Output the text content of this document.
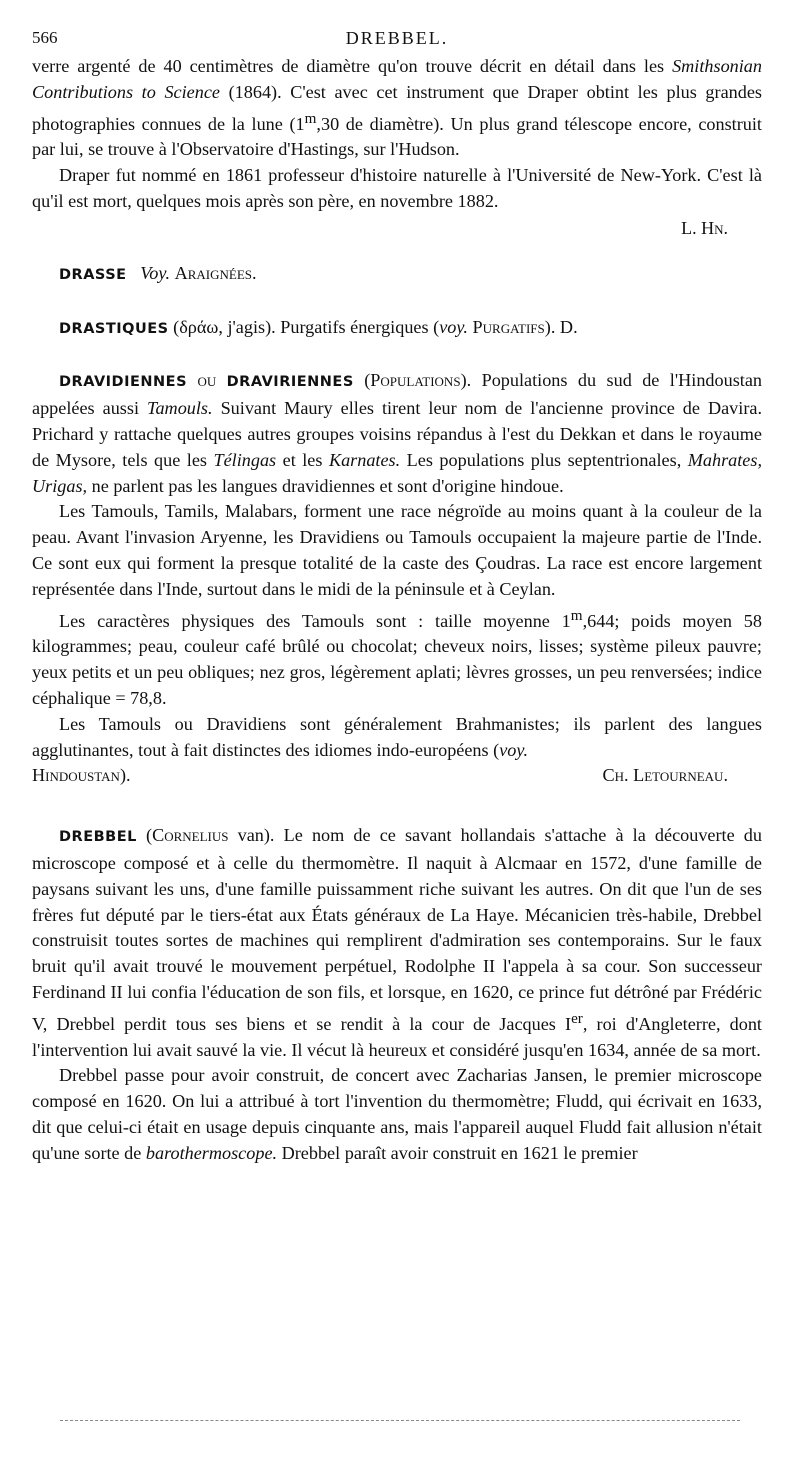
566	DREBBEL.

verre argenté de 40 centimètres de diamètre qu'on trouve décrit en détail dans les Smithsonian Contributions to Science (1864). C'est avec cet instrument que Draper obtint les plus grandes photographies connues de la lune (1$^m$,30 de diamètre). Un plus grand télescope encore, construit par lui, se trouve à l'Observatoire d'Hastings, sur l'Hudson.

Draper fut nommé en 1861 professeur d'histoire naturelle à l'Université de New-York. C'est là qu'il est mort, quelques mois après son père, en novembre 1882.

L. Hn.

DRASSE Voy. Araignées.

DRASTIQUES (δράω, j'agis). Purgatifs énergiques (voy. Purgatifs). D.

DRAVIDIENNES ou DRAVIRIENNES (Populations). Populations du sud de l'Hindoustan appelées aussi Tamouls. Suivant Maury elles tirent leur nom de l'ancienne province de Davira. Prichard y rattache quelques autres groupes voisins répandus à l'est du Dekkan et dans le royaume de Mysore, tels que les Télingas et les Karnates. Les populations plus septentrionales, Mahrates, Urigas, ne parlent pas les langues dravidiennes et sont d'origine hindoue.

Les Tamouls, Tamils, Malabars, forment une race négroïde au moins quant à la couleur de la peau. Avant l'invasion Aryenne, les Dravidiens ou Tamouls occupaient la majeure partie de l'Inde. Ce sont eux qui forment la presque totalité de la caste des Çoudras. La race est encore largement représentée dans l'Inde, surtout dans le midi de la péninsule et à Ceylan.

Les caractères physiques des Tamouls sont : taille moyenne 1$^m$,644; poids moyen 58 kilogrammes; peau, couleur café brûlé ou chocolat; cheveux noirs, lisses; système pileux pauvre; yeux petits et un peu obliques; nez gros, légèrement aplati; lèvres grosses, un peu renversées; indice céphalique = 78,8.

Les Tamouls ou Dravidiens sont généralement Brahmanistes; ils parlent des langues agglutinantes, tout à fait distinctes des idiomes indo-européens (voy.

Hindoustan).	Ch. Letourneau.

DREBBEL (Cornelius van). Le nom de ce savant hollandais s'attache à la découverte du microscope composé et à celle du thermomètre. Il naquit à Alcmaar en 1572, d'une famille de paysans suivant les uns, d'une famille puissamment riche suivant les autres. On dit que l'un de ses frères fut député par le tiers-état aux États généraux de La Haye. Mécanicien très-habile, Drebbel construisit toutes sortes de machines qui remplirent d'admiration ses contemporains. Sur le faux bruit qu'il avait trouvé le mouvement perpétuel, Rodolphe II l'appela à sa cour. Son successeur Ferdinand II lui confia l'éducation de son fils, et lorsque, en 1620, ce prince fut détrôné par Frédéric V, Drebbel perdit tous ses biens et se rendit à la cour de Jacques Ier, roi d'Angleterre, dont l'intervention lui avait sauvé la vie. Il vécut là heureux et considéré jusqu'en 1634, année de sa mort.

Drebbel passe pour avoir construit, de concert avec Zacharias Jansen, le premier microscope composé en 1620. On lui a attribué à tort l'invention du thermomètre; Fludd, qui écrivait en 1633, dit que celui-ci était en usage depuis cinquante ans, mais l'appareil auquel Fludd fait allusion n'était qu'une sorte de barothermoscope. Drebbel paraît avoir construit en 1621 le premier
